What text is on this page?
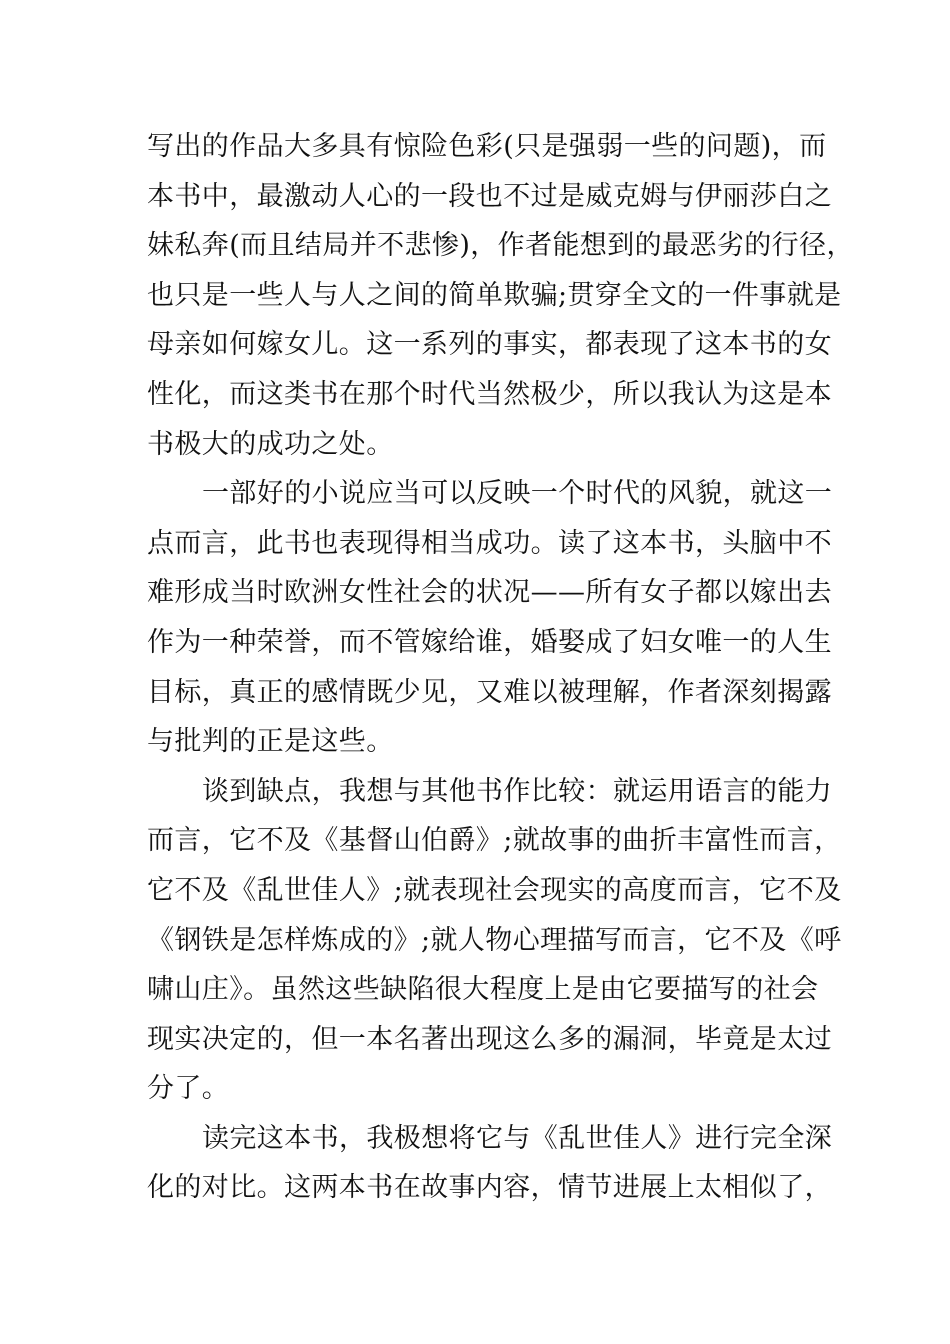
写出的作品大多具有惊险色彩(只是强弱一些的问题)，而
本书中，最激动人心的一段也不过是威克姆与伊丽莎白之
妹私奔(而且结局并不悲惨)，作者能想到的最恶劣的行径，
也只是一些人与人之间的简单欺骗;贯穿全文的一件事就是
母亲如何嫁女儿。这一系列的事实，都表现了这本书的女
性化，而这类书在那个时代当然极少，所以我认为这是本
书极大的成功之处。
一部好的小说应当可以反映一个时代的风貌，就这一
点而言，此书也表现得相当成功。读了这本书，头脑中不
难形成当时欧洲女性社会的状况——所有女子都以嫁出去
作为一种荣誉，而不管嫁给谁，婚娶成了妇女唯一的人生
目标，真正的感情既少见，又难以被理解，作者深刻揭露
与批判的正是这些。
谈到缺点，我想与其他书作比较：就运用语言的能力
而言，它不及《基督山伯爵》;就故事的曲折丰富性而言，
它不及《乱世佳人》;就表现社会现实的高度而言，它不及
《钢铁是怎样炼成的》;就人物心理描写而言，它不及《呼
啸山庄》。虽然这些缺陷很大程度上是由它要描写的社会
现实决定的，但一本名著出现这么多的漏洞，毕竟是太过
分了。
读完这本书，我极想将它与《乱世佳人》进行完全深
化的对比。这两本书在故事内容，情节进展上太相似了，
